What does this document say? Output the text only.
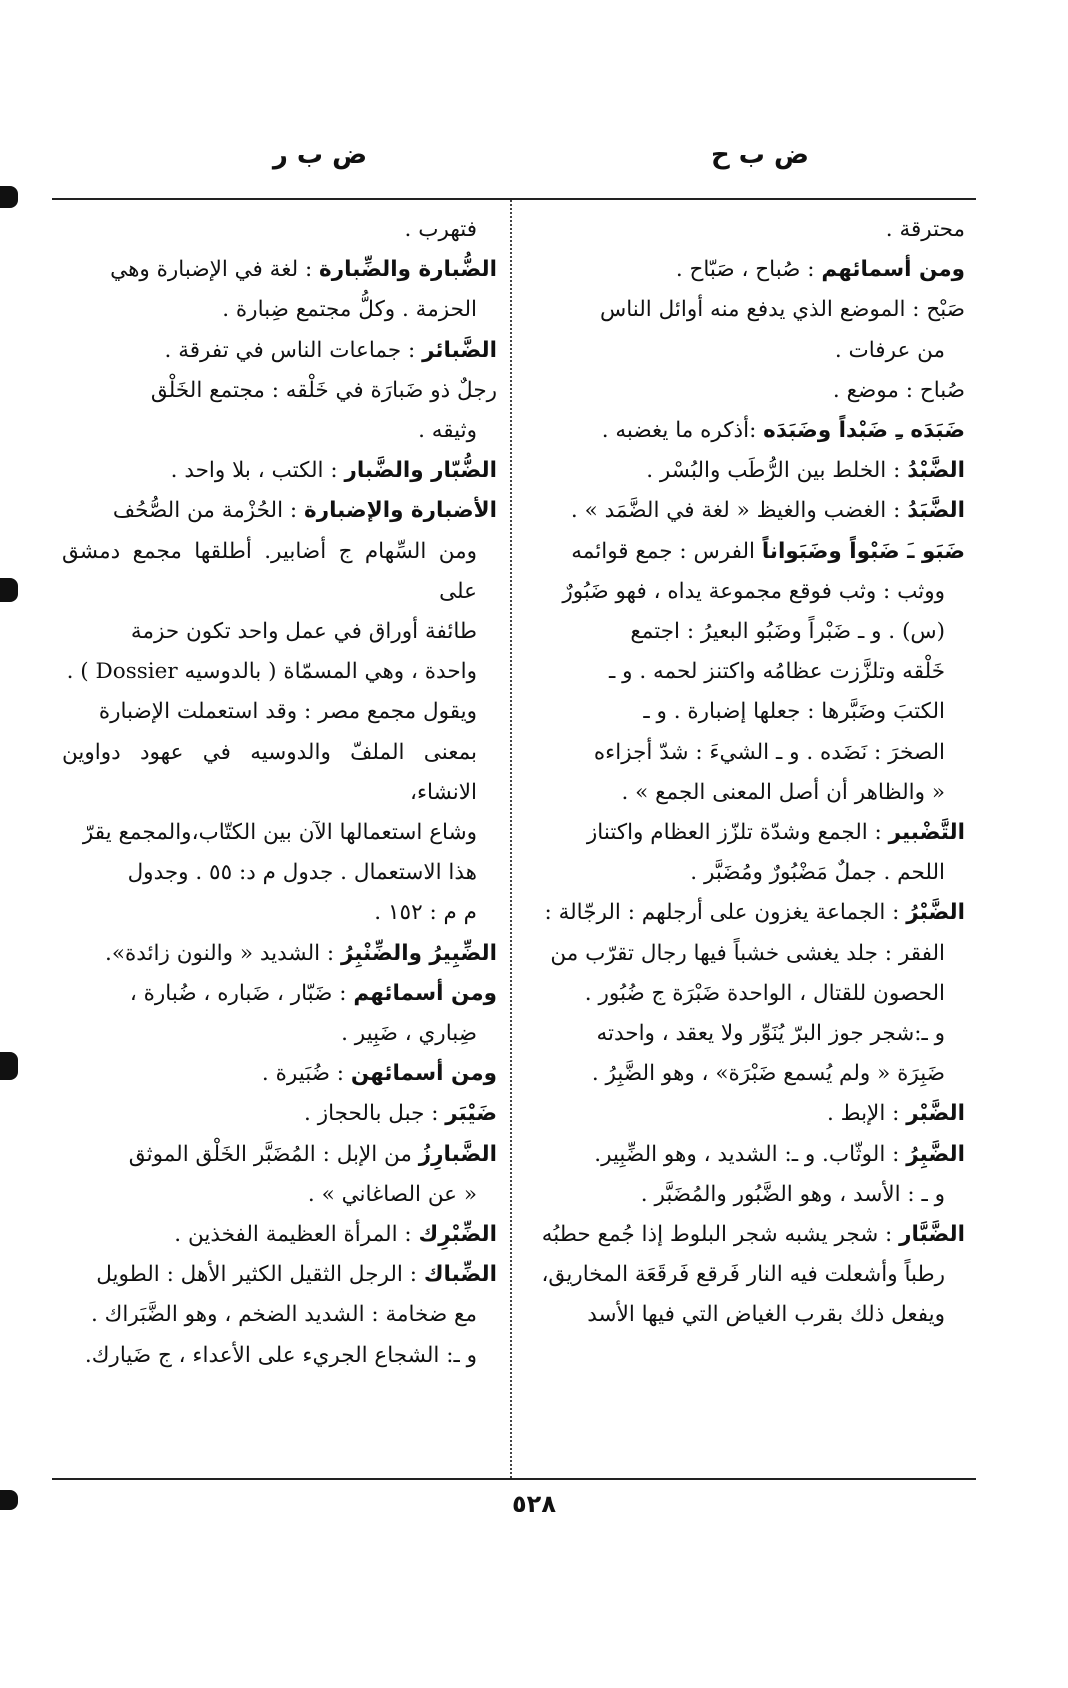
ض ب ح
ض ب ر

محترقة .

ومن أسمائهم : صُباح ، صَبّاح .

صَبْح : الموضع الذي يدفع منه أوائل الناس

من عرفات .

صُباح : موضع .

ضَبَدَه ـِ ضَبْداً وضَبَدَه :أذكره ما يغضبه .

الضَّبْدُ : الخلط بين الرُّطَب والبُسْر .

الضَّبَدُ : الغضب والغيظ « لغة في الضَّمَد » .

ضَبَو ـَ ضَبْواً وضَبَواناً الفرس : جمع قوائمه

ووثب : وثب فوقع مجموعة يداه ، فهو ضَبُورٌ

(س) . و ـ ضَبْراً وضَبُو البعيرُ : اجتمع

خَلْقه وتلزَّزت عظامُه واكتنز لحمه . و ـ

الكتبَ وضَبَّرها : جعلها إضبارة . و ـ

الصخرَ : نَضَده . و ـ الشيءَ : شدّ أجزاءه

« والظاهر أن أصل المعنى الجمع » .

التَّضْبير : الجمع وشدّة تلزّز العظام واكتناز

اللحم . جملٌ مَضْبُورٌ ومُضَبَّر .

الضَّبْرُ : الجماعة يغزون على أرجلهم : الرجّالة :

الفقر : جلد يغشى خشباً فيها رجال تقرّب من

الحصون للقتال ، الواحدة ضَبْرَة ج ضُبُور .

و ـ:شجر جوز البرّ يُنَوِّر ولا يعقد ، واحدته

ضَبِرَة « ولم يُسمع ضَبْرَة» ، وهو الضَّبِرُ .

الضَّبْر : الإبط .

الضَّبِرُ : الوثّاب. و ـ: الشديد ، وهو الضِّبِير.

و ـ : الأسد ، وهو الضَّبُور والمُضَبَّر .

الضَّبَّار : شجر يشبه شجر البلوط إذا جُمع حطبُه

رطباً وأشعلت فيه النار فَرقع فَرقَعَة المخاريق،

ويفعل ذلك بقرب الغياض التي فيها الأسد

فتهرب .

الضُّبارة والضِّبارة : لغة في الإضبارة وهي

الحزمة . وكلُّ مجتمع ضِبارة .

الضَّبائر : جماعات الناس في تفرقة .

رجلٌ ذو ضَبارَة في خَلْقه : مجتمع الخَلْق

وثيقه .

الضُّبّار والضَّبار : الكتب ، بلا واحد .

الأضبارة والإضبارة : الحُزْمة من الصُّحُف

ومن السِّهام ج أضابير. أطلقها مجمع دمشق على

طائفة أوراق في عمل واحد تكون حزمة

واحدة ، وهي المسمّاة ( بالدوسيه Dossier ) .

ويقول مجمع مصر : وقد استعملت الإضبارة

بمعنى الملفّ والدوسيه في عهود دواوين الانشاء،

وشاع استعمالها الآن بين الكتّاب،والمجمع يقرّ

هذا الاستعمال . جدول م د: ٥٥ . وجدول

م م : ١٥٢ .

الضِّبِيرُ والضِّنْبِرُ : الشديد « والنون زائدة».

ومن أسمائهم : ضَبّار ، ضَباره ، ضُبارة ،

ضِباري ، ضَبِير .

ومن أسمائهن : ضُبَيرة .

ضَيْبَر : جبل بالحجاز .

الضَّبارِزُ من الإبل : المُضَبَّر الخَلْق الموثق

« عن الصاغاني » .

الضِّبْرِك : المرأة العظيمة الفخذين .

الضِّباك : الرجل الثقيل الكثير الأهل : الطويل

مع ضخامة : الشديد الضخم ، وهو الضَّبَراك .

و ـ: الشجاع الجريء على الأعداء ، ج ضَيارك.

٥٢٨
